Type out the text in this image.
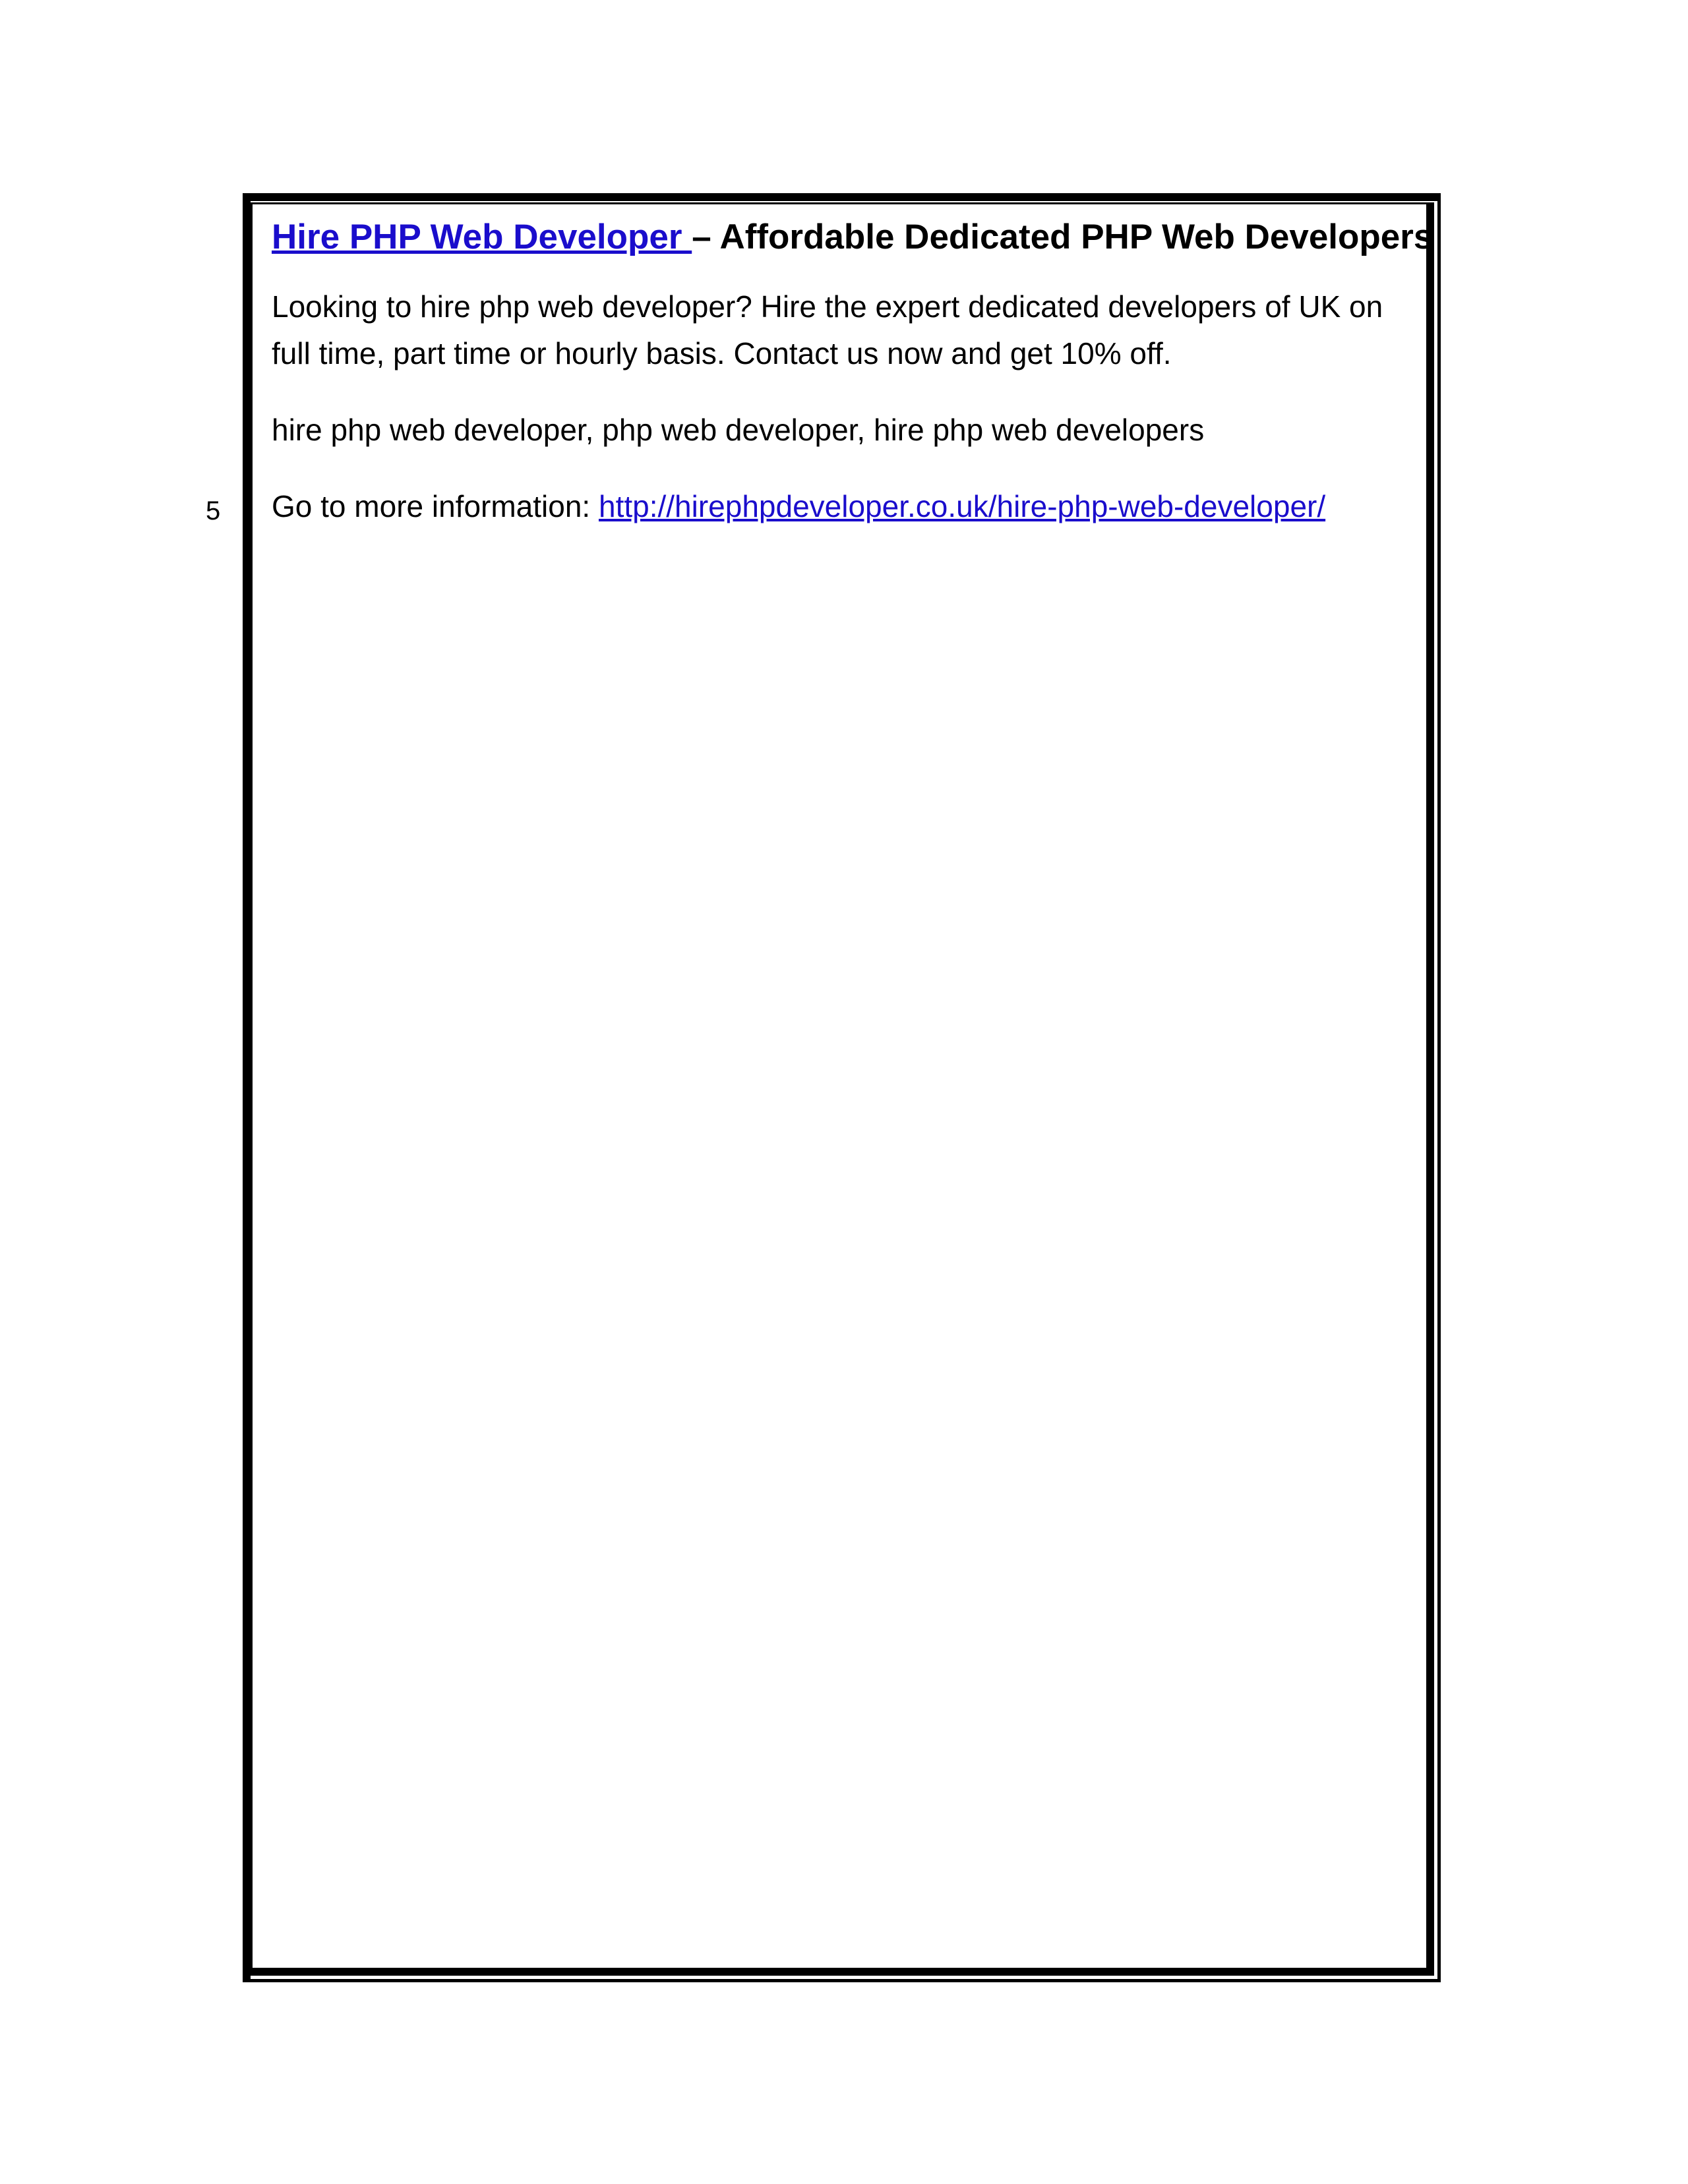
5
Hire PHP Web Developer – Affordable Dedicated PHP Web Developers

Looking to hire php web developer? Hire the expert dedicated developers of UK on full time, part time or hourly basis. Contact us now and get 10% off.

hire php web developer, php web developer, hire php web developers

Go to more information: http://hirephpdeveloper.co.uk/hire-php-web-developer/
